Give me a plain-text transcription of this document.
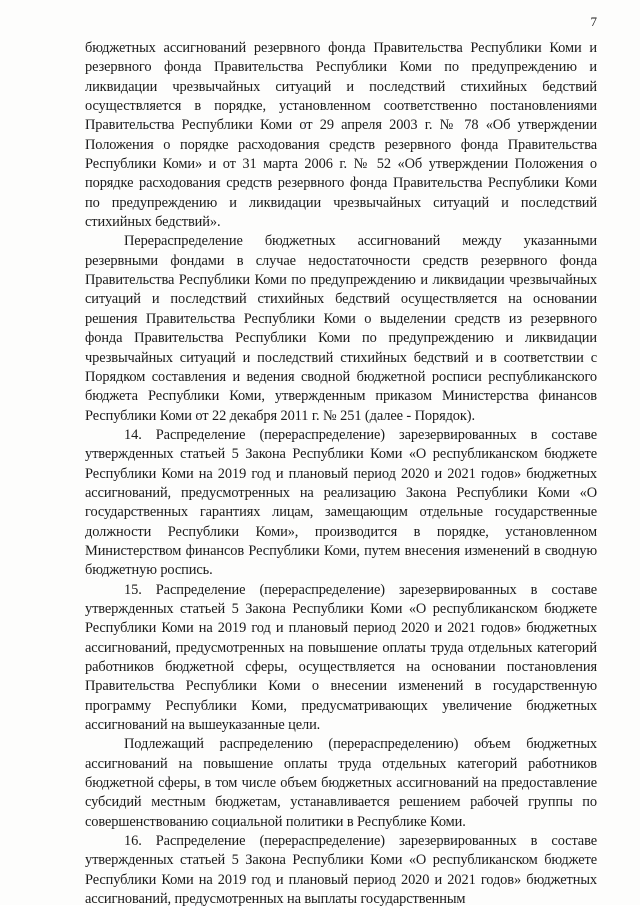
7

бюджетных ассигнований резервного фонда Правительства Республики Коми и резервного фонда Правительства Республики Коми по предупреждению и ликвидации чрезвычайных ситуаций и последствий стихийных бедствий осуществляется в порядке, установленном соответственно постановлениями Правительства Республики Коми от 29 апреля 2003 г. № 78 «Об утверждении Положения о порядке расходования средств резервного фонда Правительства Республики Коми» и от 31 марта 2006 г. № 52 «Об утверждении Положения о порядке расходования средств резервного фонда Правительства Республики Коми по предупреждению и ликвидации чрезвычайных ситуаций и последствий стихийных бедствий».

Перераспределение бюджетных ассигнований между указанными резервными фондами в случае недостаточности средств резервного фонда Правительства Республики Коми по предупреждению и ликвидации чрезвычайных ситуаций и последствий стихийных бедствий осуществляется на основании решения Правительства Республики Коми о выделении средств из резервного фонда Правительства Республики Коми по предупреждению и ликвидации чрезвычайных ситуаций и последствий стихийных бедствий и в соответствии с Порядком составления и ведения сводной бюджетной росписи республиканского бюджета Республики Коми, утвержденным приказом Министерства финансов Республики Коми от 22 декабря 2011 г. № 251 (далее - Порядок).

14. Распределение (перераспределение) зарезервированных в составе утвержденных статьей 5 Закона Республики Коми «О республиканском бюджете Республики Коми на 2019 год и плановый период 2020 и 2021 годов» бюджетных ассигнований, предусмотренных на реализацию Закона Республики Коми «О государственных гарантиях лицам, замещающим отдельные государственные должности Республики Коми», производится в порядке, установленном Министерством финансов Республики Коми, путем внесения изменений в сводную бюджетную роспись.

15. Распределение (перераспределение) зарезервированных в составе утвержденных статьей 5 Закона Республики Коми «О республиканском бюджете Республики Коми на 2019 год и плановый период 2020 и 2021 годов» бюджетных ассигнований, предусмотренных на повышение оплаты труда отдельных категорий работников бюджетной сферы, осуществляется на основании постановления Правительства Республики Коми о внесении изменений в государственную программу Республики Коми, предусматривающих увеличение бюджетных ассигнований на вышеуказанные цели.

Подлежащий распределению (перераспределению) объем бюджетных ассигнований на повышение оплаты труда отдельных категорий работников бюджетной сферы, в том числе объем бюджетных ассигнований на предоставление субсидий местным бюджетам, устанавливается решением рабочей группы по совершенствованию социальной политики в Республике Коми.

16. Распределение (перераспределение) зарезервированных в составе утвержденных статьей 5 Закона Республики Коми «О республиканском бюджете Республики Коми на 2019 год и плановый период 2020 и 2021 годов» бюджетных ассигнований, предусмотренных на выплаты государственным
